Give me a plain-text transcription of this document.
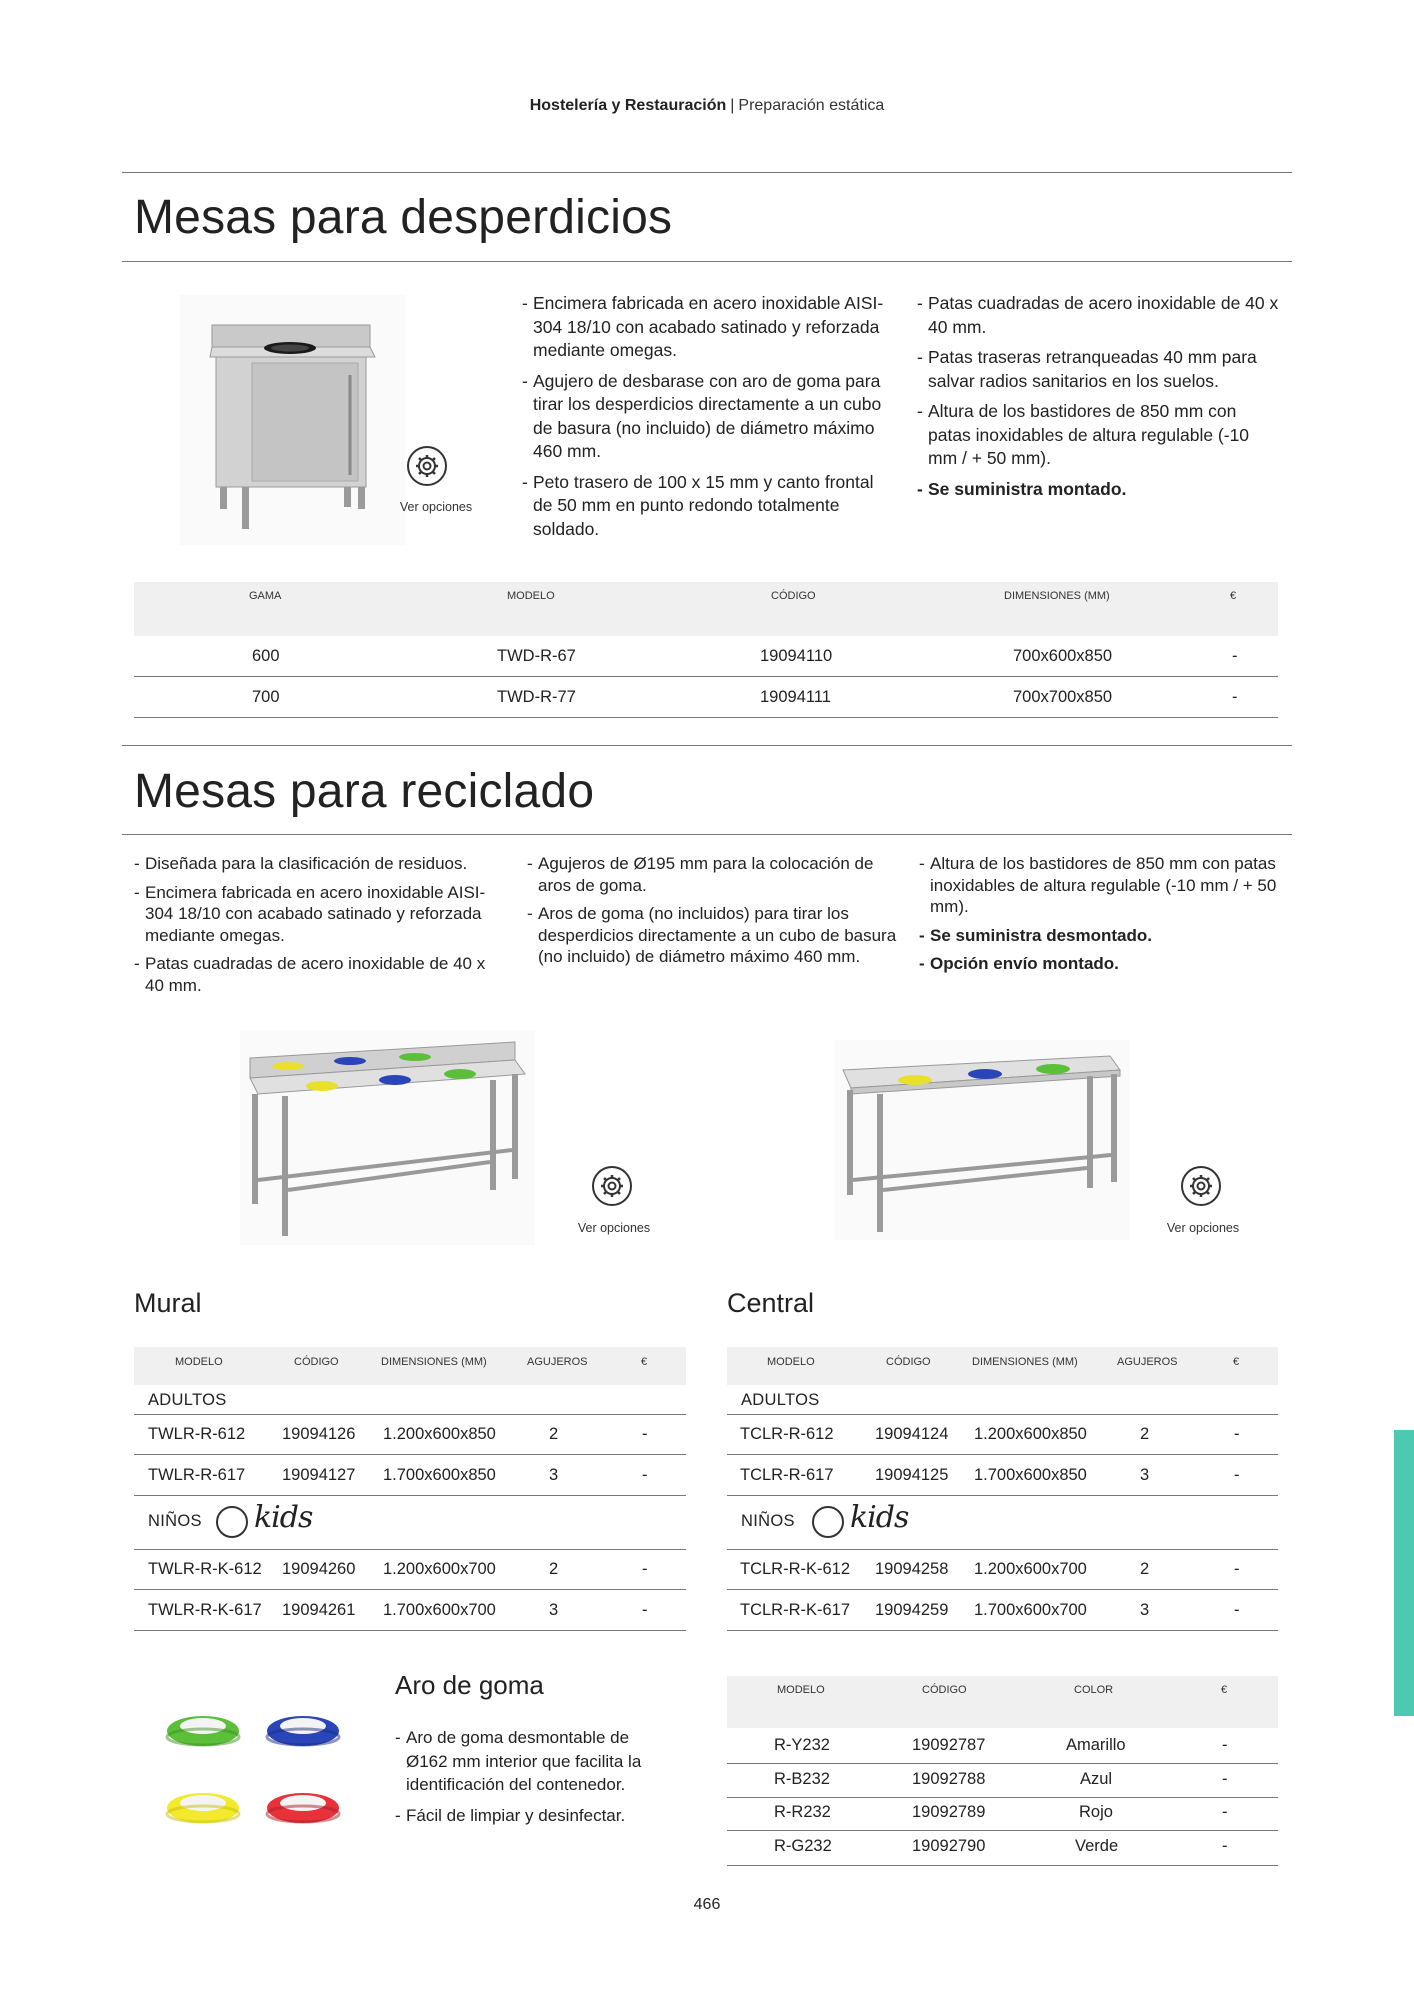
Hostelería y Restauración | Preparación estática
Mesas para desperdicios
Ver opciones
- Encimera fabricada en acero inoxidable AISI-304 18/10 con acabado satinado y reforzada mediante omegas.
- Agujero de desbarase con aro de goma para tirar los desperdicios directamente a un cubo de basura (no incluido) de diámetro máximo 460 mm.
- Peto trasero de 100 x 15 mm y canto frontal de 50 mm en punto redondo totalmente soldado.
- Patas cuadradas de acero inoxidable de 40 x 40 mm.
- Patas traseras retranqueadas 40 mm para salvar radios sanitarios en los suelos.
- Altura de los bastidores de 850 mm con patas inoxidables de altura regulable (-10 mm / + 50 mm).
- Se suministra montado.
GAMA	MODELO	CÓDIGO	DIMENSIONES (MM)	€
600	TWD-R-67	19094110	700x600x850	-
700	TWD-R-77	19094111	700x700x850	-
Mesas para reciclado
- Diseñada para la clasificación de residuos.
- Encimera fabricada en acero inoxidable AISI-304 18/10 con acabado satinado y reforzada mediante omegas.
- Patas cuadradas de acero inoxidable de 40 x 40 mm.
- Agujeros de Ø195 mm para la colocación de aros de goma.
- Aros de goma (no incluidos) para tirar los desperdicios directamente a un cubo de basura (no incluido) de diámetro máximo 460 mm.
- Altura de los bastidores de 850 mm con patas inoxidables de altura regulable (-10 mm / + 50 mm).
- Se suministra desmontado.
- Opción envío montado.
Ver opciones	Ver opciones
Mural
MODELO	CÓDIGO	DIMENSIONES (MM)	AGUJEROS	€
ADULTOS
TWLR-R-612 19094126 1.200x600x850	2	-
TWLR-R-617 19094127 1.700x600x850	3	-
NIÑOS kids
TWLR-R-K-612 19094260 1.200x600x700	2	-
TWLR-R-K-617 19094261 1.700x600x700	3	-
Central
MODELO	CÓDIGO	DIMENSIONES (MM)	AGUJEROS	€
ADULTOS
TCLR-R-612	19094124 1.200x600x850	2	-
TCLR-R-617	19094125 1.700x600x850	3	-
NIÑOS kids
TCLR-R-K-612 19094258 1.200x600x700	2	-
TCLR-R-K-617 19094259 1.700x600x700	3	-
Aro de goma
- Aro de goma desmontable de Ø162 mm interior que facilita la identificación del contenedor.
- Fácil de limpiar y desinfectar.
MODELO	CÓDIGO	COLOR	€
R-Y232	19092787	Amarillo	-
R-B232	19092788	Azul	-
R-R232	19092789	Rojo	-
R-G232	19092790	Verde	-
466
